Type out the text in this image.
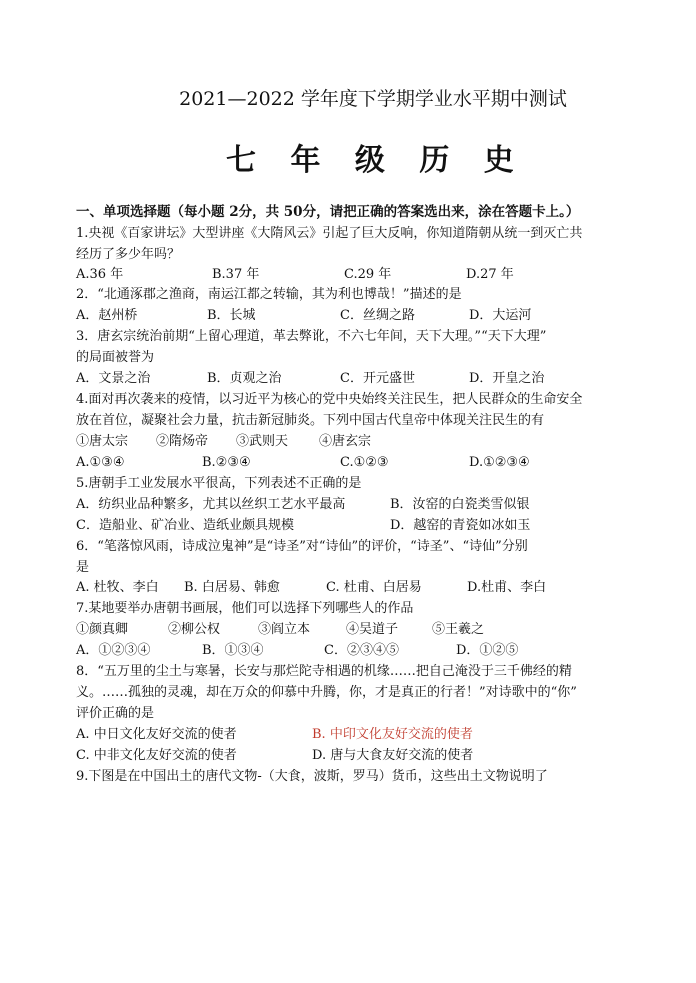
2021—2022 学年度下学期学业水平期中测试
七 年 级 历 史
一、单项选择题（每小题 2分，共 50分，请把正确的答案选出来，涂在答题卡上。）
1.央视《百家讲坛》大型讲座《大隋风云》引起了巨大反响，你知道隋朝从统一到灭亡共
经历了多少年吗？
A.36 年	B.37 年	C.29 年	D.27 年
2．“北通涿郡之渔商，南运江都之转输，其为利也博哉！”描述的是
A．赵州桥	B．长城	C．丝绸之路	D．大运河
3．唐玄宗统治前期“上留心理道，革去弊讹，不六七年间，天下大理。”“天下大理”
的局面被誉为
A．文景之治	B．贞观之治	C．开元盛世	D．开皇之治
4.面对再次袭来的疫情，以习近平为核心的党中央始终关注民生，把人民群众的生命安全
放在首位，凝聚社会力量，抗击新冠肺炎。下列中国古代皇帝中体现关注民生的有
①唐太宗 ②隋炀帝 ③武则天 ④唐玄宗
A.①③④	B.②③④	C.①②③	D.①②③④
5.唐朝手工业发展水平很高，下列表述不正确的是
A．纺织业品种繁多，尤其以丝织工艺水平最高	B．汝窑的白瓷类雪似银
C．造船业、矿冶业、造纸业颇具规模	D．越窑的青瓷如冰如玉
6．“笔落惊风雨，诗成泣鬼神”是“诗圣”对“诗仙”的评价，“诗圣”、“诗仙”分别
是
A. 杜牧、李白 B. 白居易、韩愈	C. 杜甫、白居易	D.杜甫、李白
7.某地要举办唐朝书画展，他们可以选择下列哪些人的作品
①颜真卿	②柳公权	③阎立本	④吴道子	⑤王羲之
A．①②③④	B．①③④	C．②③④⑤	D．①②⑤
8．“五万里的尘土与寒暑，长安与那烂陀寺相遇的机缘……把自己淹没于三千佛经的精
义。……孤独的灵魂，却在万众的仰慕中升腾，你，才是真正的行者！”对诗歌中的“你”
评价正确的是
A. 中日文化友好交流的使者	B. 中印文化友好交流的使者
C. 中非文化友好交流的使者	D. 唐与大食友好交流的使者
9.下图是在中国出土的唐代文物-（大食，波斯，罗马）货币，这些出土文物说明了
